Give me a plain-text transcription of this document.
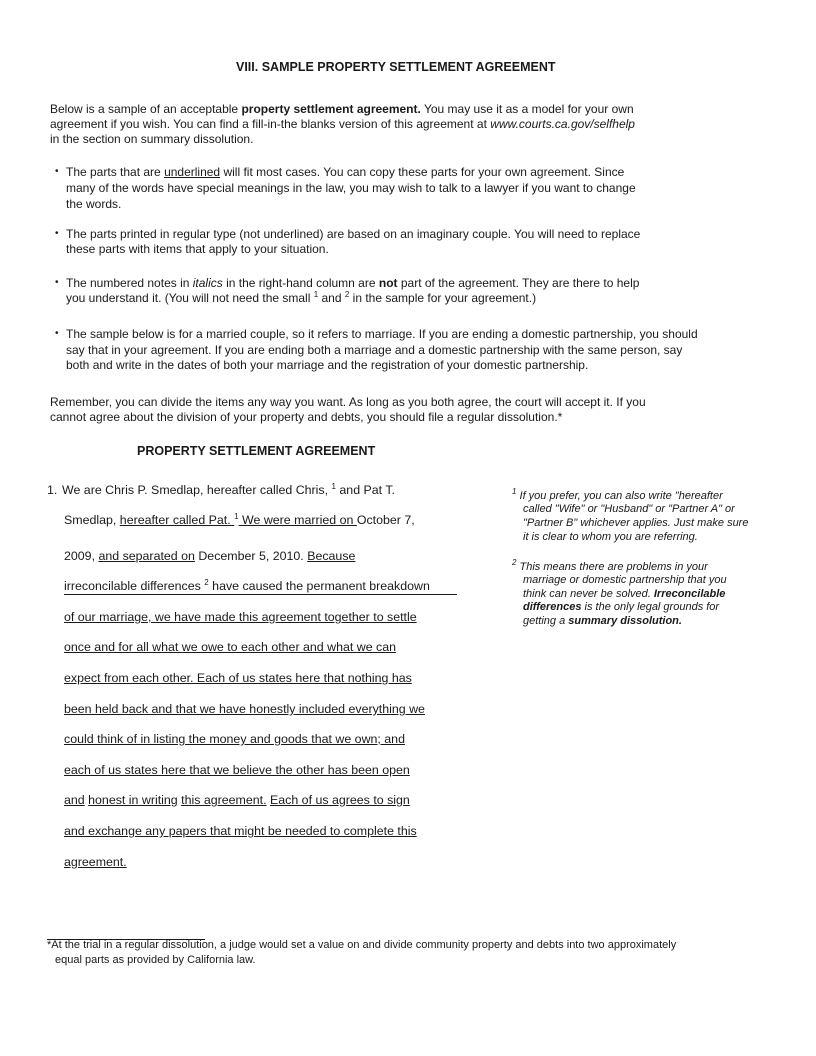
VIII. SAMPLE PROPERTY SETTLEMENT AGREEMENT
Below is a sample of an acceptable property settlement agreement. You may use it as a model for your own
agreement if you wish. You can find a fill-in-the blanks version of this agreement at www.courts.ca.gov/selfhelp
in the section on summary dissolution.
• The parts that are underlined will fit most cases. You can copy these parts for your own agreement. Since
many of the words have special meanings in the law, you may wish to talk to a lawyer if you want to change
the words.
• The parts printed in regular type (not underlined) are based on an imaginary couple. You will need to replace
these parts with items that apply to your situation.
• The numbered notes in italics in the right-hand column are not part of the agreement. They are there to help
you understand it. (You will not need the small $^1$ and $^2$ in the sample for your agreement.)
• The sample below is for a married couple, so it refers to marriage. If you are ending a domestic partnership, you should
say that in your agreement. If you are ending both a marriage and a domestic partnership with the same person, say
both and write in the dates of both your marriage and the registration of your domestic partnership.
Remember, you can divide the items any way you want. As long as you both agree, the court will accept it. If you
cannot agree about the division of your property and debts, you should file a regular dissolution.*
PROPERTY SETTLEMENT AGREEMENT
1. We are Chris P. Smedlap, hereafter called Chris, $^1$ and Pat T.
Smedlap, hereafter called Pat. $^1$ We were married on October 7,
2009, and separated on December 5, 2010. Because
irreconcilable differences $^2$ have caused the permanent breakdown
of our marriage, we have made this agreement together to settle
once and for all what we owe to each other and what we can
expect from each other. Each of us states here that nothing has
been held back and that we have honestly included everything we
could think of in listing the money and goods that we own; and
each of us states here that we believe the other has been open
and honest in writing this agreement. Each of us agrees to sign
and exchange any papers that might be needed to complete this
agreement.
$^1$ If you prefer, you can also write "hereafter
called "Wife" or "Husband" or "Partner A" or
"Partner B" whichever applies. Just make sure
it is clear to whom you are referring.
$^2$ This means there are problems in your
marriage or domestic partnership that you
think can never be solved. Irreconcilable
differences is the only legal grounds for
getting a summary dissolution.
*At the trial in a regular dissolution, a judge would set a value on and divide community property and debts into two approximately
equal parts as provided by California law.
